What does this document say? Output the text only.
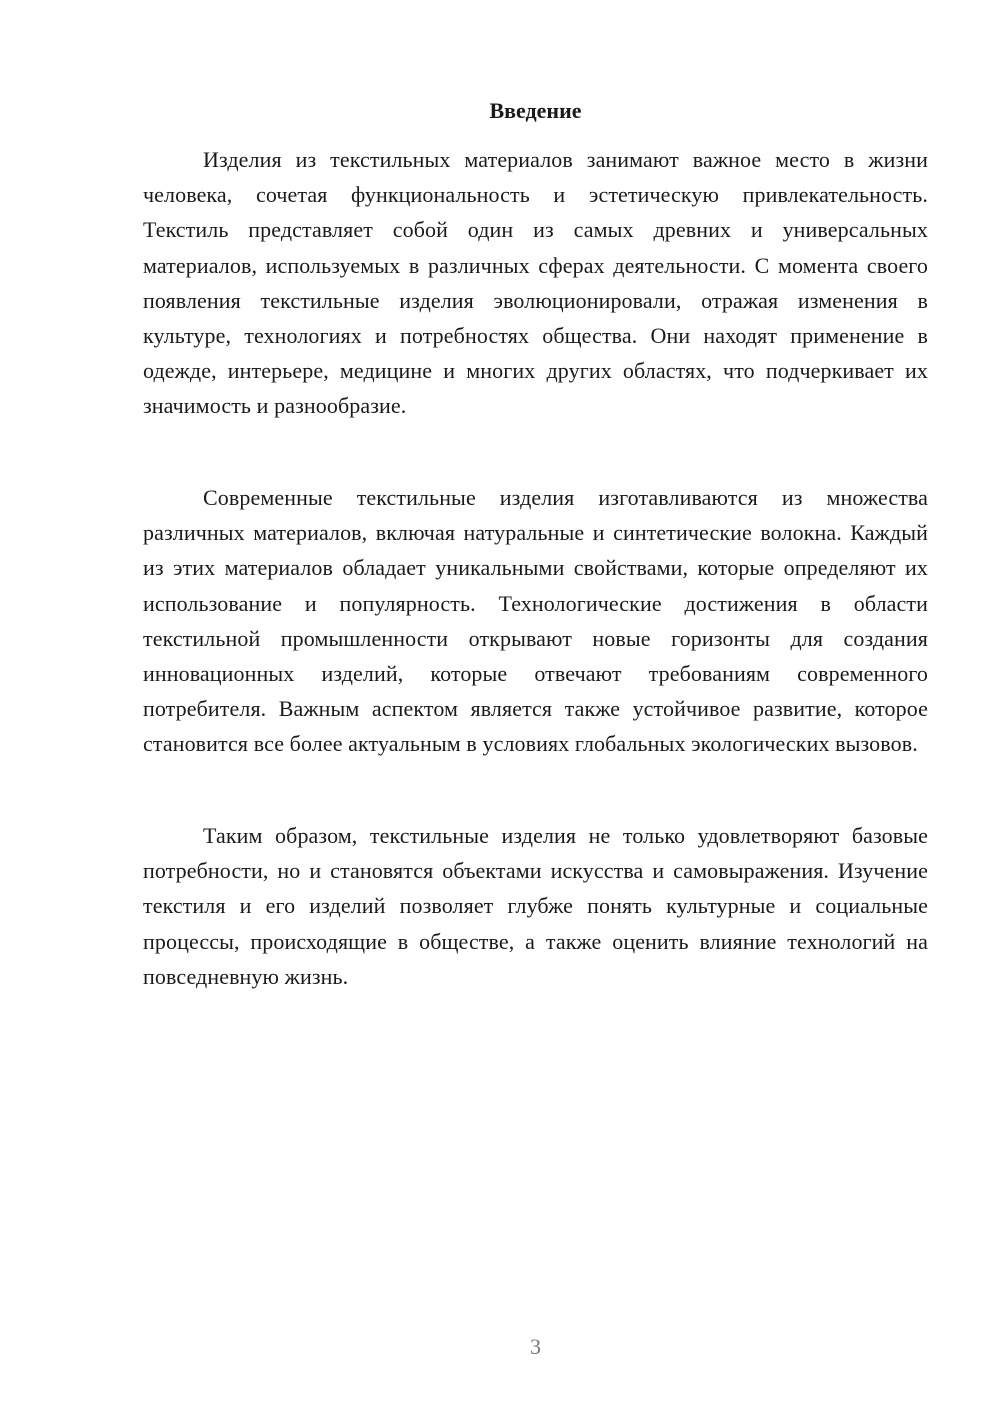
Введение

Изделия из текстильных материалов занимают важное место в жизни человека, сочетая функциональность и эстетическую привлекательность. Текстиль представляет собой один из самых древних и универсальных материалов, используемых в различных сферах деятельности. С момента своего появления текстильные изделия эволюционировали, отражая изменения в культуре, технологиях и потребностях общества. Они находят применение в одежде, интерьере, медицине и многих других областях, что подчеркивает их значимость и разнообразие.

Современные текстильные изделия изготавливаются из множества различных материалов, включая натуральные и синтетические волокна. Каждый из этих материалов обладает уникальными свойствами, которые определяют их использование и популярность. Технологические достижения в области текстильной промышленности открывают новые горизонты для создания инновационных изделий, которые отвечают требованиям современного потребителя. Важным аспектом является также устойчивое развитие, которое становится все более актуальным в условиях глобальных экологических вызовов.

Таким образом, текстильные изделия не только удовлетворяют базовые потребности, но и становятся объектами искусства и самовыражения. Изучение текстиля и его изделий позволяет глубже понять культурные и социальные процессы, происходящие в обществе, а также оценить влияние технологий на повседневную жизнь.

3
